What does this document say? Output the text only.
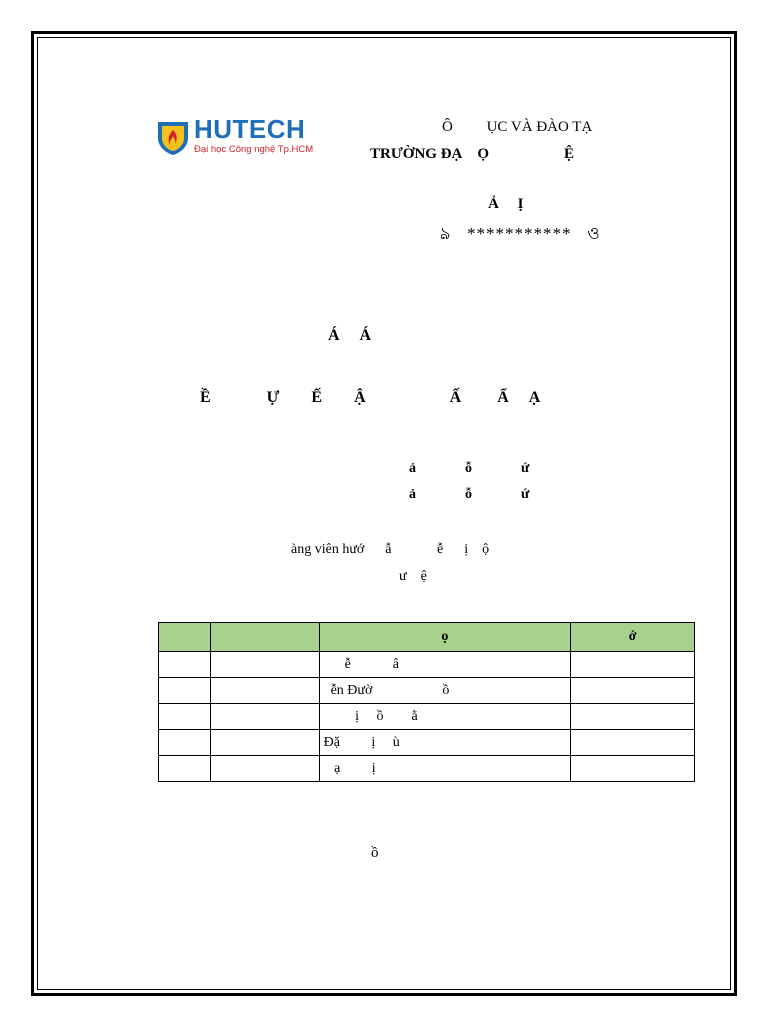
HUTECH
Đại học Công nghệ Tp.HCM
Ô         ỤC VÀ ĐÀO TẠ
TRƯỜNG ĐẠ    Ọ                    Ệ
Ả     Ị
ঌ   ***********   ও
Á     Á
Ề              Ự        Ế        Ậ                     Ấ         Ẩ     Ạ
ả              ỗ              ứ
ả              ỗ              ứ
àng viên hướ      ẫ             ễ      ị    ộ
ư    ệ
		ọ	ớ
		ễ            â	
		ễn Đườ                    ồ	
		ị     ồ        ằ	
		Đặ         ị     ù	
		ạ         ị	
ồ
